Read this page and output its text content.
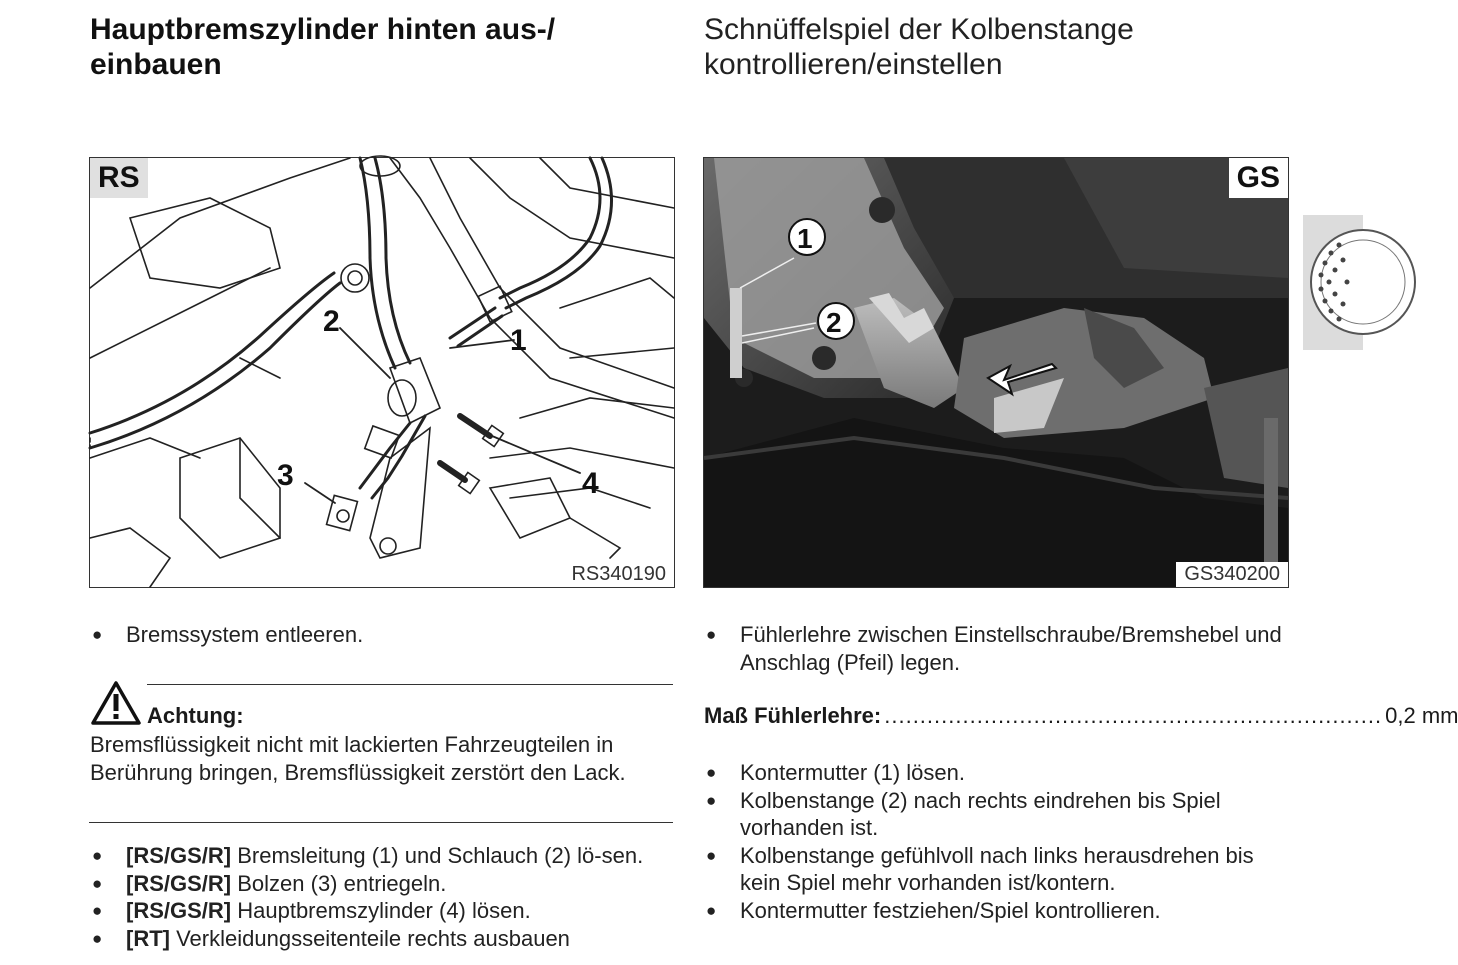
Hauptbremszylinder hinten aus-/ einbauen
Schnüffelspiel der Kolbenstange kontrollieren/einstellen
1
2
3	4
RS
RS340190
1
2
GS
GS340200
● Bremssystem entleeren.
Achtung:
Bremsflüssigkeit nicht mit lackierten Fahrzeugteilen in Berührung bringen, Bremsflüssigkeit zerstört den Lack.
● [RS/GS/R] Bremsleitung (1) und Schlauch (2) lö-sen.
● [RS/GS/R] Bolzen (3) entriegeln.
● [RS/GS/R] Hauptbremszylinder (4) lösen.
● [RT] Verkleidungsseitenteile rechts ausbauen
● Fühlerlehre zwischen Einstellschraube/Bremshebel und Anschlag (Pfeil) legen.
Maß Fühlerlehre: ...................................................................... 0,2 mm
● Kontermutter (1) lösen.
● Kolbenstange (2) nach rechts eindrehen bis Spiel vorhanden ist.
● Kolbenstange gefühlvoll nach links herausdrehen bis kein Spiel mehr vorhanden ist/kontern.
● Kontermutter festziehen/Spiel kontrollieren.
